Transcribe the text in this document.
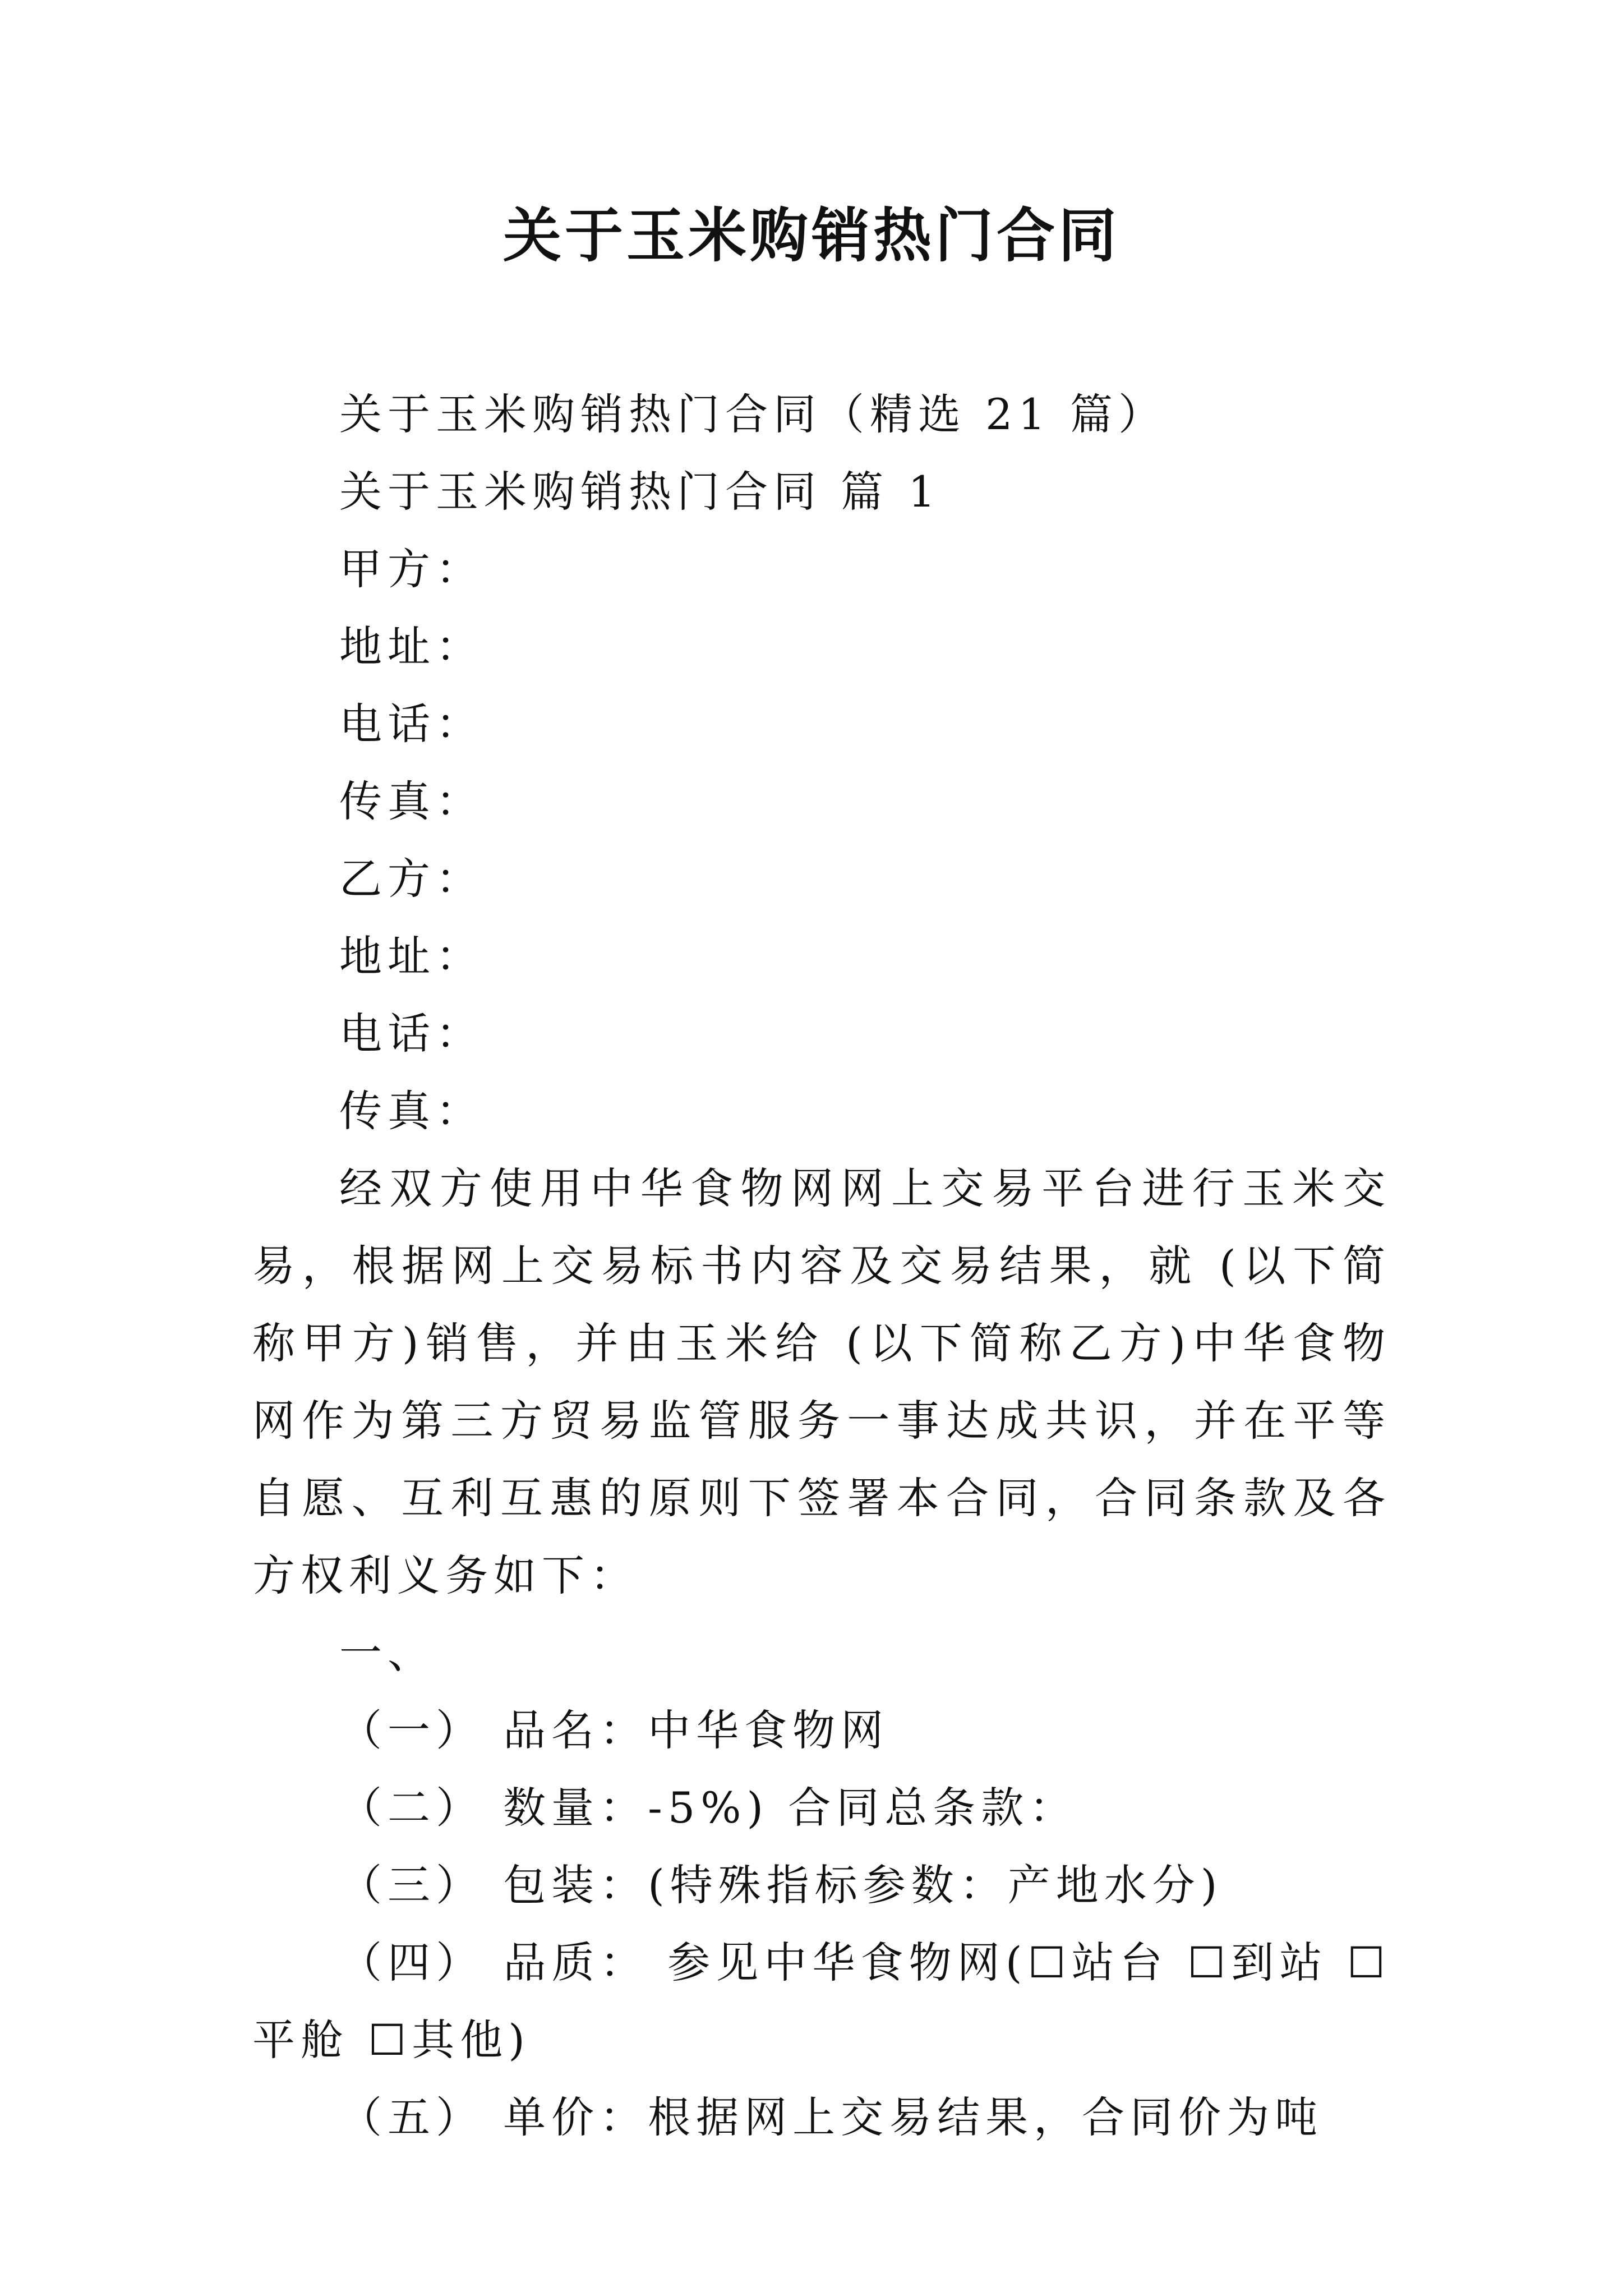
关于玉米购销热门合同
关于玉米购销热门合同（精选 21 篇）
关于玉米购销热门合同 篇 1
甲方：
地址：
电话：
传真：
乙方：
地址：
电话：
传真：
经双方使用中华食物网网上交易平台进行玉米交易，根据网上交易标书内容及交易结果，就 (以下简称甲方)销售，并由玉米给 (以下简称乙方)中华食物网作为第三方贸易监管服务一事达成共识，并在平等自愿、互利互惠的原则下签署本合同，合同条款及各方权利义务如下：
一、
（一） 品名：中华食物网
（二） 数量：-5%) 合同总条款：
（三） 包装：(特殊指标参数：产地水分)
（四） 品质： 参见中华食物网(☐站台 ☐到站 ☐平舱 ☐其他)
（五） 单价：根据网上交易结果，合同价为吨
